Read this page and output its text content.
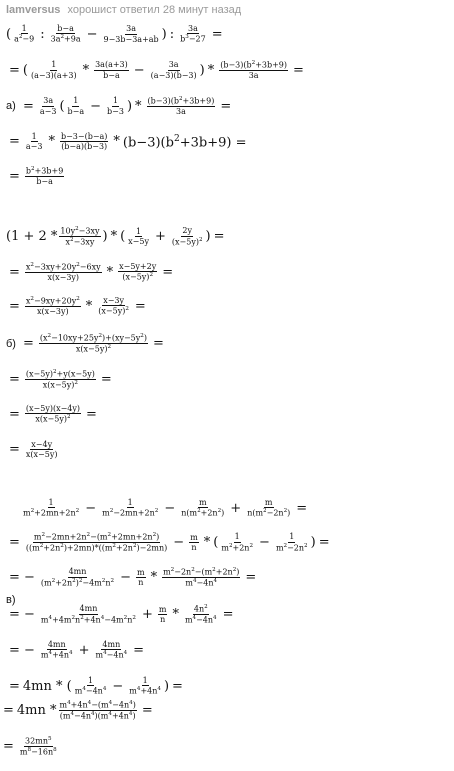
lamversus хорошист ответил 28 минут назад
( $\frac{1}{a^2-9}$ : $\frac{b-a}{3a^2+9a} - \frac{3a}{9-3b-3a+ab}$ ) : $\frac{3a}{b^3-27}$ =
= ( $\frac{1}{(a-3)(a+3)} * \frac{3a(a+3)}{b-a} - \frac{3a}{(a-3)(b-3)}$ ) * $\frac{(b-3)(b^2+3b+9)}{3a}$ =
$а) = \frac{3a}{a-3}$ ( $\frac{1}{b-a} - \frac{1}{b-3}$ ) * $\frac{(b-3)(b^2+3b+9)}{3a}$ =
= $\frac{1}{a-3} * \frac{b-3-(b-a)}{(b-a)(b-3)} * (b-3)(b^2+3b+9)$ =
= $\frac{b^2+3b+9}{b-a}$
($1 + 2 * \frac{10y^2-3xy}{x^2-3xy}$ ) * ( $\frac{1}{x-5y} + \frac{2y}{(x-5y)^2}$ ) =
= $\frac{x^2-3xy+20y^2-6xy}{x(x-3y)} * \frac{x-5y+2y}{(x-5y)^2}$ =
= $\frac{x^2-9xy+20y^2}{x(x-3y)} * \frac{x-3y}{(x-5y)^2}$ =
$б) = \frac{(x^2-10xy+25y^2)+(xy-5y^2)}{x(x-5y)^2}$ =
= $\frac{(x-5y)^2+y(x-5y)}{x(x-5y)^2}$ =
= $\frac{(x-5y)(x-4y)}{x(x-5y)^2}$ =
= $\frac{x-4y}{x(x-5y)}$
$\frac{1}{m^2+2mn+2n^2} - \frac{1}{m^2-2mn+2n^2} - \frac{m}{n(m^2+2n^2)} + \frac{m}{n(m^2-2n^2)}$ =
= $\frac{m^2-2mn+2n^2-(m^2+2mn+2n^2)}{((m^2+2n^2)+2mn)*((m^2+2n^2)-2mn)} - \frac{m}{n}$ * ( $\frac{1}{m^2+2n^2} - \frac{1}{m^2-2n^2}$ ) =
= − $\frac{4mn}{(m^2+2n^2)^2-4m^2n^2} - \frac{m}{n} * \frac{m^2-2n^2-(m^2+2n^2)}{m^4-4n^4}$ =
в)
= − $\frac{4mn}{m^4+4m^2n^2+4n^4-4m^2n^2} + \frac{m}{n} * \frac{4n^2}{m^4-4n^4}$ =
= − $\frac{4mn}{m^4+4n^4} + \frac{4mn}{m^4-4n^4}$ =
= 4mn * ( $\frac{1}{m^4-4n^4} - \frac{1}{m^4+4n^4}$ ) =
= $4mn * \frac{m^4+4n^4-(m^4-4n^4)}{(m^4-4n^4)(m^4+4n^4)}$ =
= $\frac{32mn^5}{m^8-16n^8}$
